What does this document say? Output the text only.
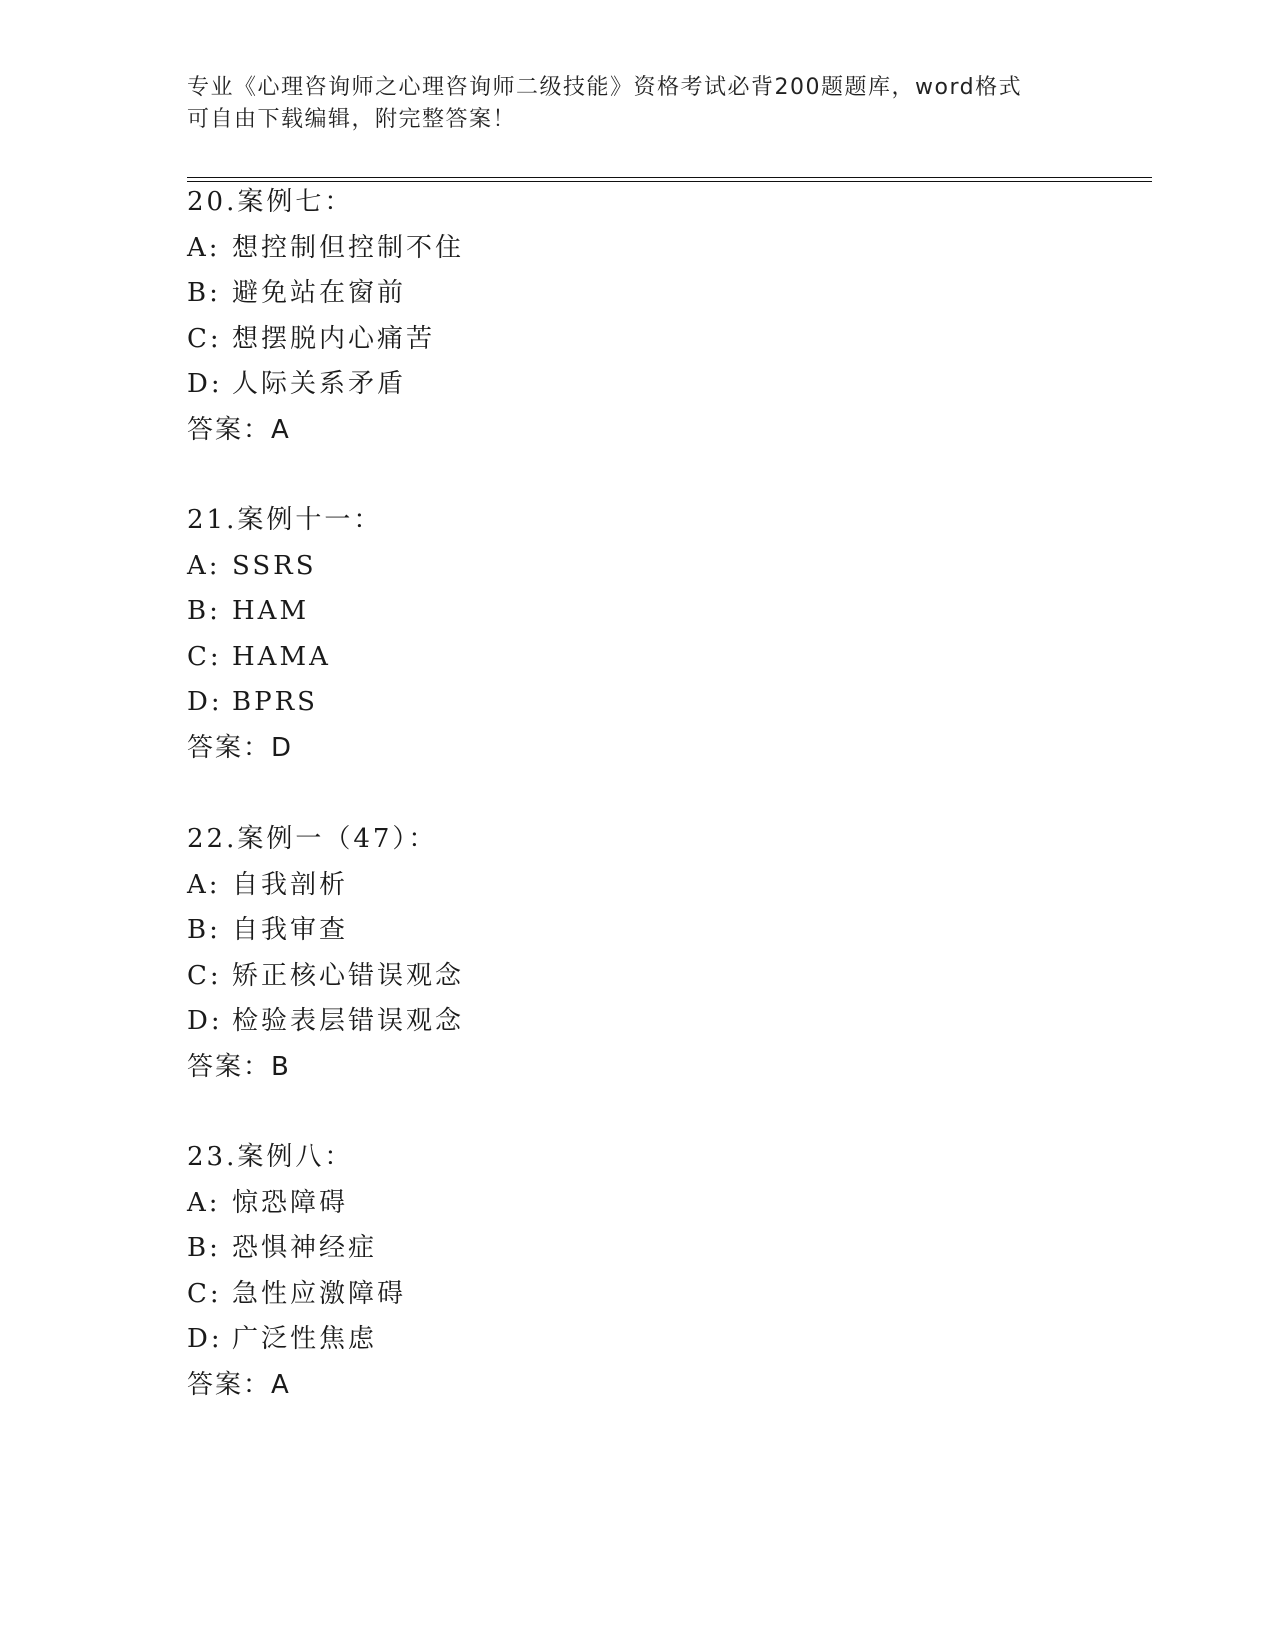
专业《心理咨询师之心理咨询师二级技能》资格考试必背200题题库，word格式
可自由下载编辑，附完整答案！
20.案例七：
A: 想控制但控制不住
B: 避免站在窗前
C: 想摆脱内心痛苦
D: 人际关系矛盾
答案：A
21.案例十一：
A: SSRS
B: HAM
C: HAMA
D: BPRS
答案：D
22.案例一（47）：
A: 自我剖析
B: 自我审查
C: 矫正核心错误观念
D: 检验表层错误观念
答案：B
23.案例八：
A: 惊恐障碍
B: 恐惧神经症
C: 急性应激障碍
D: 广泛性焦虑
答案：A
